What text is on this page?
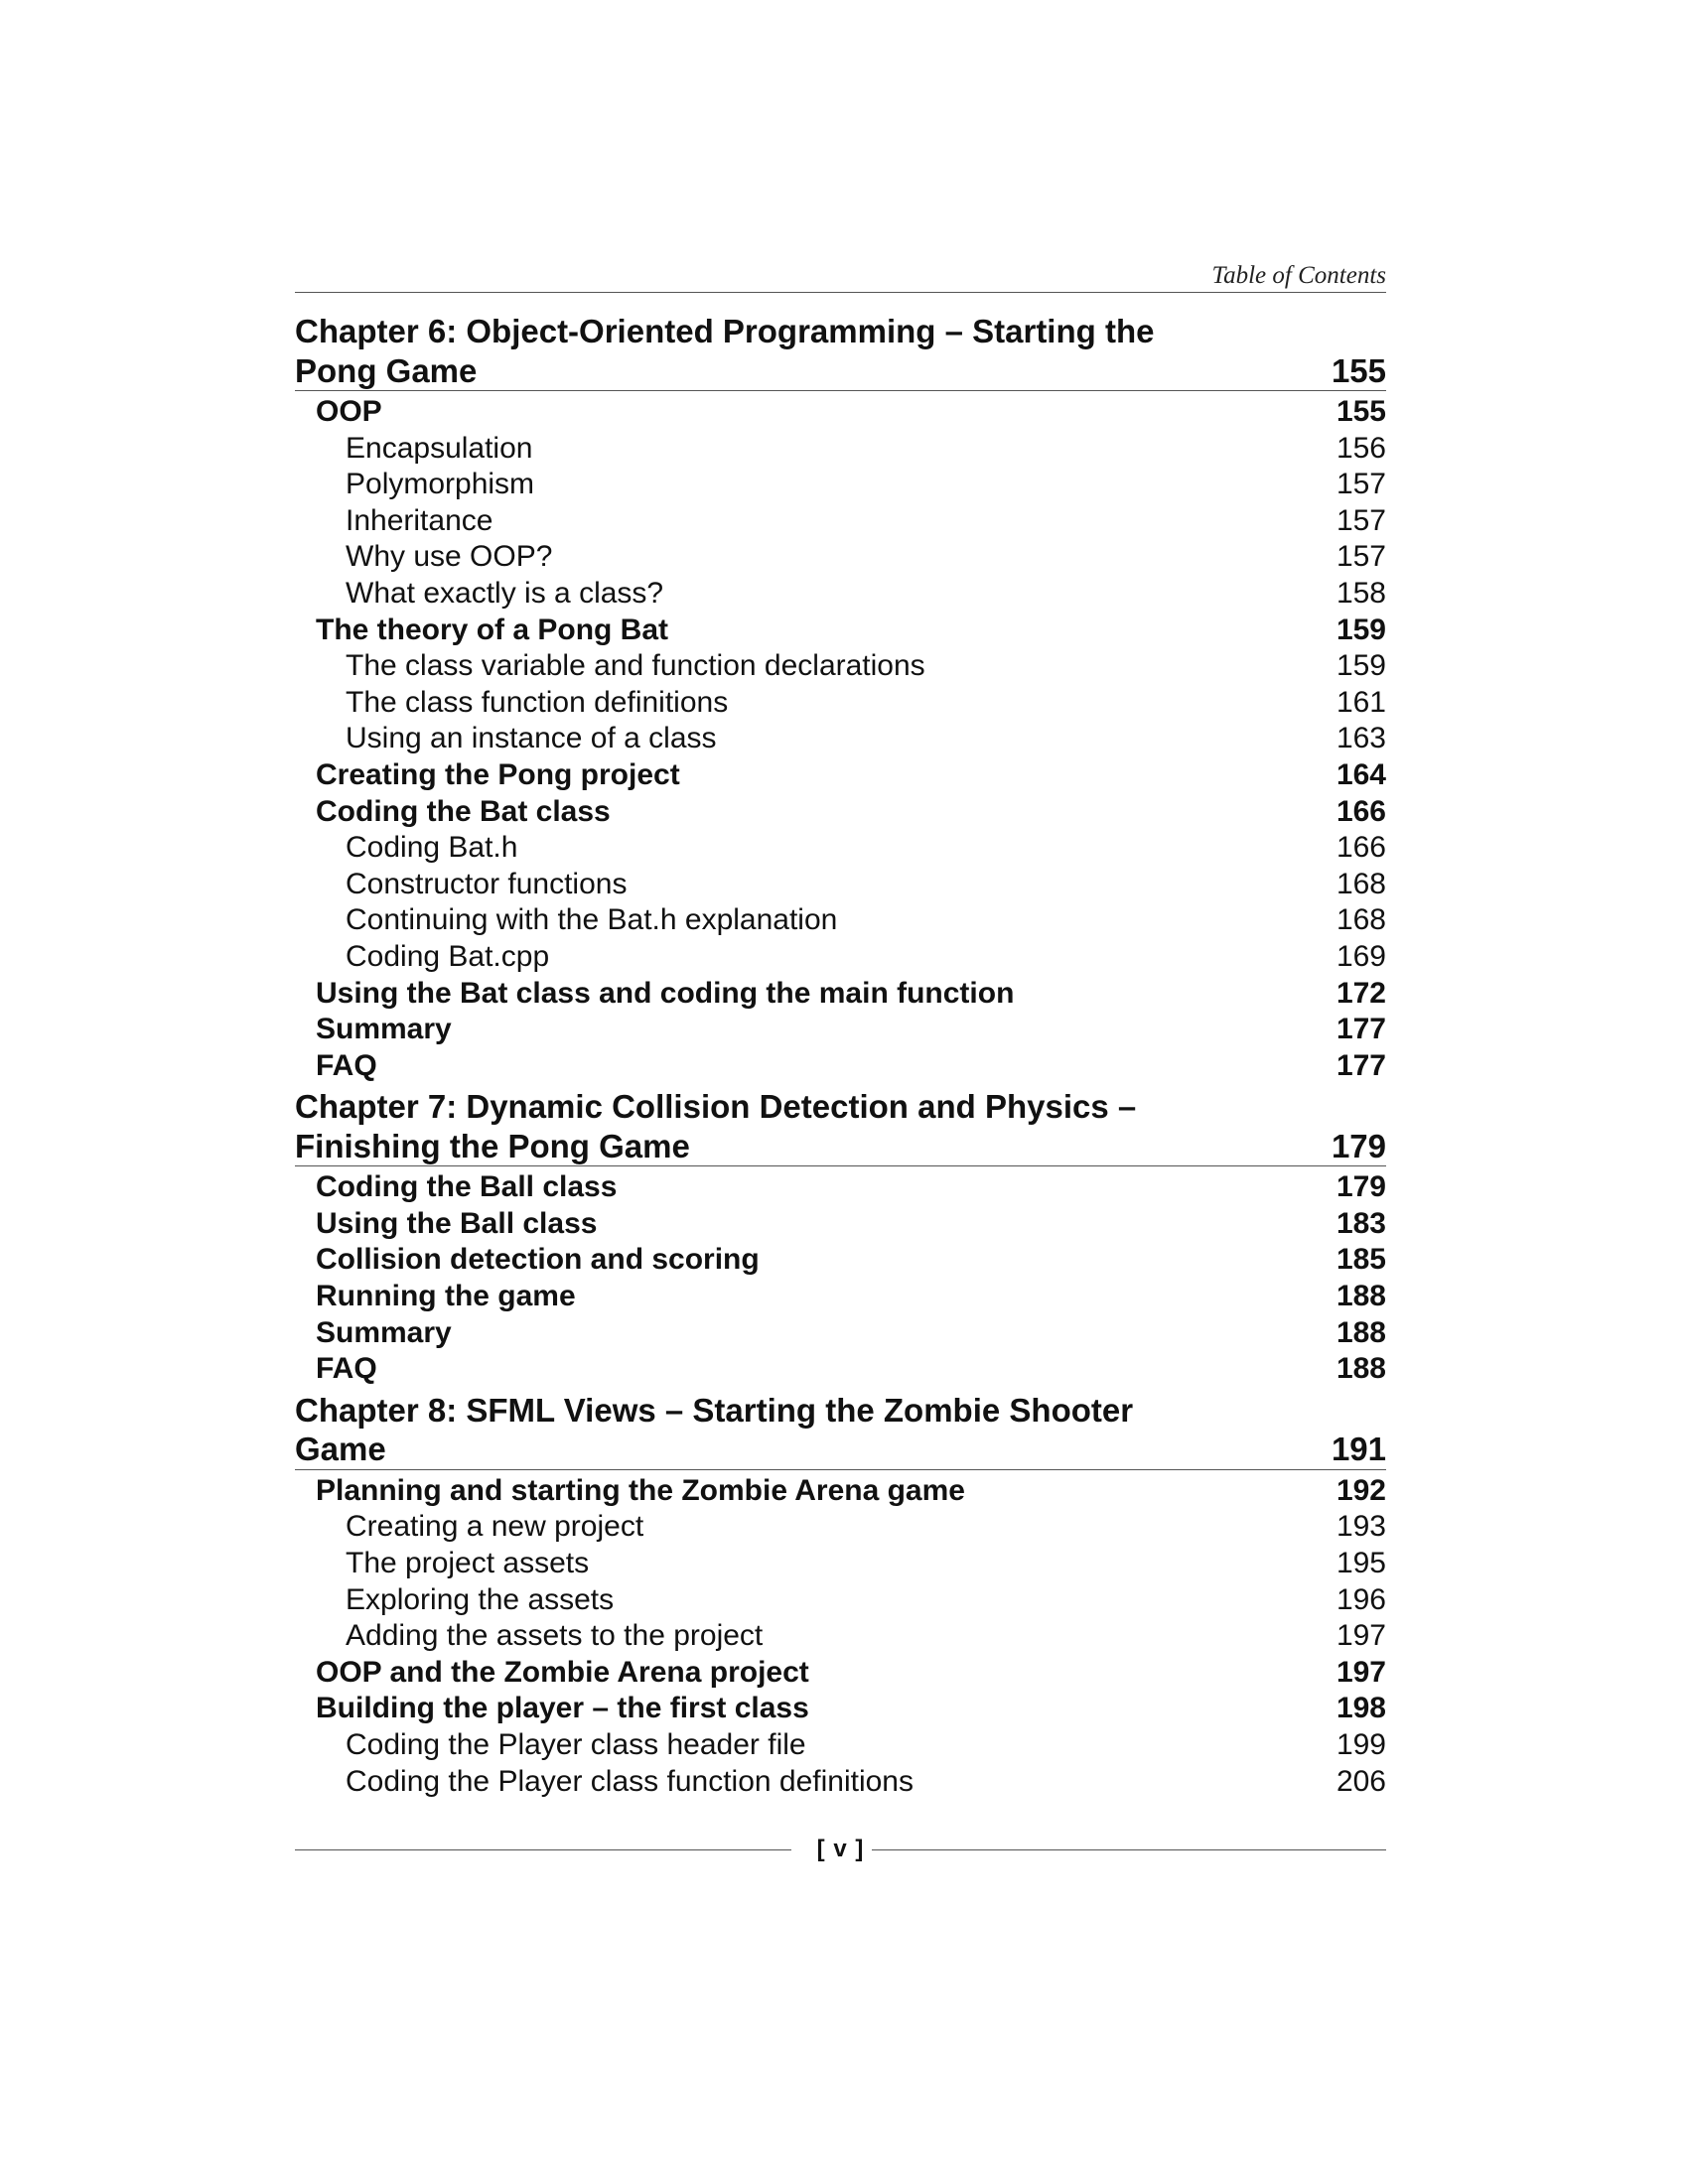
Table of Contents
Chapter 6: Object-Oriented Programming – Starting the Pong Game	155
OOP	155
Encapsulation	156
Polymorphism	157
Inheritance	157
Why use OOP?	157
What exactly is a class?	158
The theory of a Pong Bat	159
The class variable and function declarations	159
The class function definitions	161
Using an instance of a class	163
Creating the Pong project	164
Coding the Bat class	166
Coding Bat.h	166
Constructor functions	168
Continuing with the Bat.h explanation	168
Coding Bat.cpp	169
Using the Bat class and coding the main function	172
Summary	177
FAQ	177
Chapter 7: Dynamic Collision Detection and Physics – Finishing the Pong Game	179
Coding the Ball class	179
Using the Ball class	183
Collision detection and scoring	185
Running the game	188
Summary	188
FAQ	188
Chapter 8: SFML Views – Starting the Zombie Shooter Game	191
Planning and starting the Zombie Arena game	192
Creating a new project	193
The project assets	195
Exploring the assets	196
Adding the assets to the project	197
OOP and the Zombie Arena project	197
Building the player – the first class	198
Coding the Player class header file	199
Coding the Player class function definitions	206
[ v ]
